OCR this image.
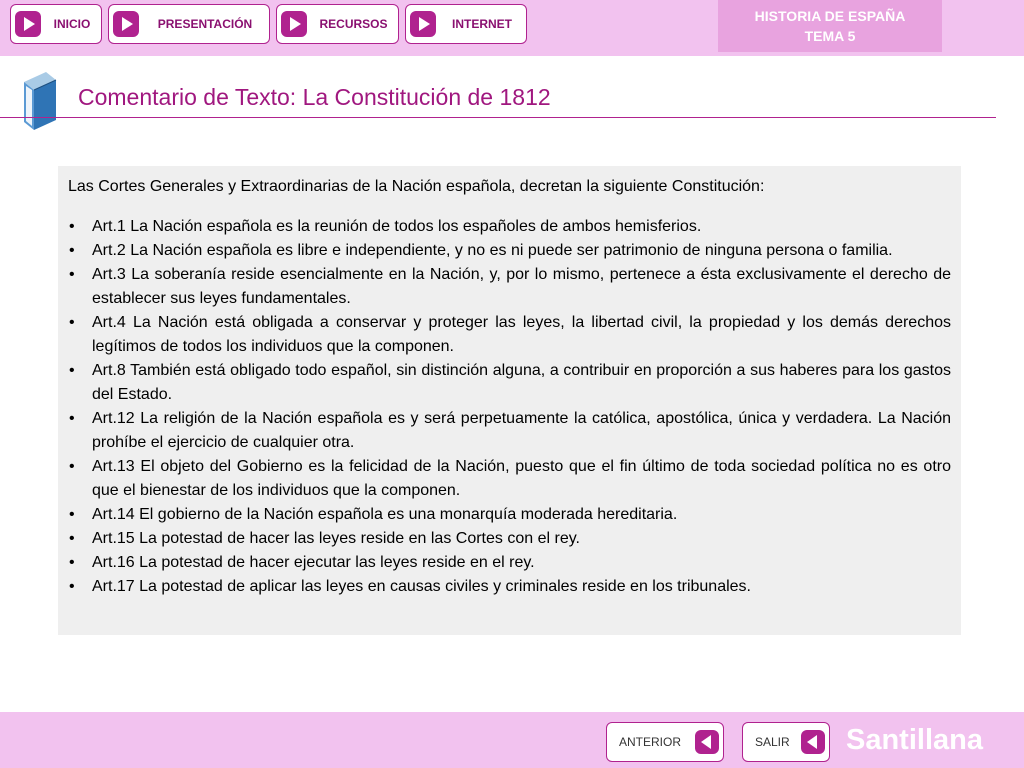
INICIO	PRESENTACIÓN	RECURSOS	INTERNET	HISTORIA DE ESPAÑA
TEMA 5
Comentario de Texto: La Constitución de 1812

Las Cortes Generales y Extraordinarias de la Nación española, decretan la siguiente Constitución:

• Art.1 La Nación española es la reunión de todos los españoles de ambos hemisferios.
• Art.2 La Nación española es libre e independiente, y no es ni puede ser patrimonio de ninguna persona o familia.
• Art.3 La soberanía reside esencialmente en la Nación, y, por lo mismo, pertenece a ésta exclusivamente el derecho de establecer sus leyes fundamentales.
• Art.4 La Nación está obligada a conservar y proteger las leyes, la libertad civil, la propiedad y los demás derechos legítimos de todos los individuos que la componen.
• Art.8 También está obligado todo español, sin distinción alguna, a contribuir en proporción a sus haberes para los gastos del Estado.
• Art.12 La religión de la Nación española es y será perpetuamente la católica, apostólica, única y verdadera. La Nación prohíbe el ejercicio de cualquier otra.
• Art.13 El objeto del Gobierno es la felicidad de la Nación, puesto que el fin último de toda sociedad política no es otro que el bienestar de los individuos que la componen.
• Art.14 El gobierno de la Nación española es una monarquía moderada hereditaria.
• Art.15 La potestad de hacer las leyes reside en las Cortes con el rey.
• Art.16 La potestad de hacer ejecutar las leyes reside en el rey.
• Art.17 La potestad de aplicar las leyes en causas civiles y criminales reside en los tribunales.
ANTERIOR	SALIR Santillana
